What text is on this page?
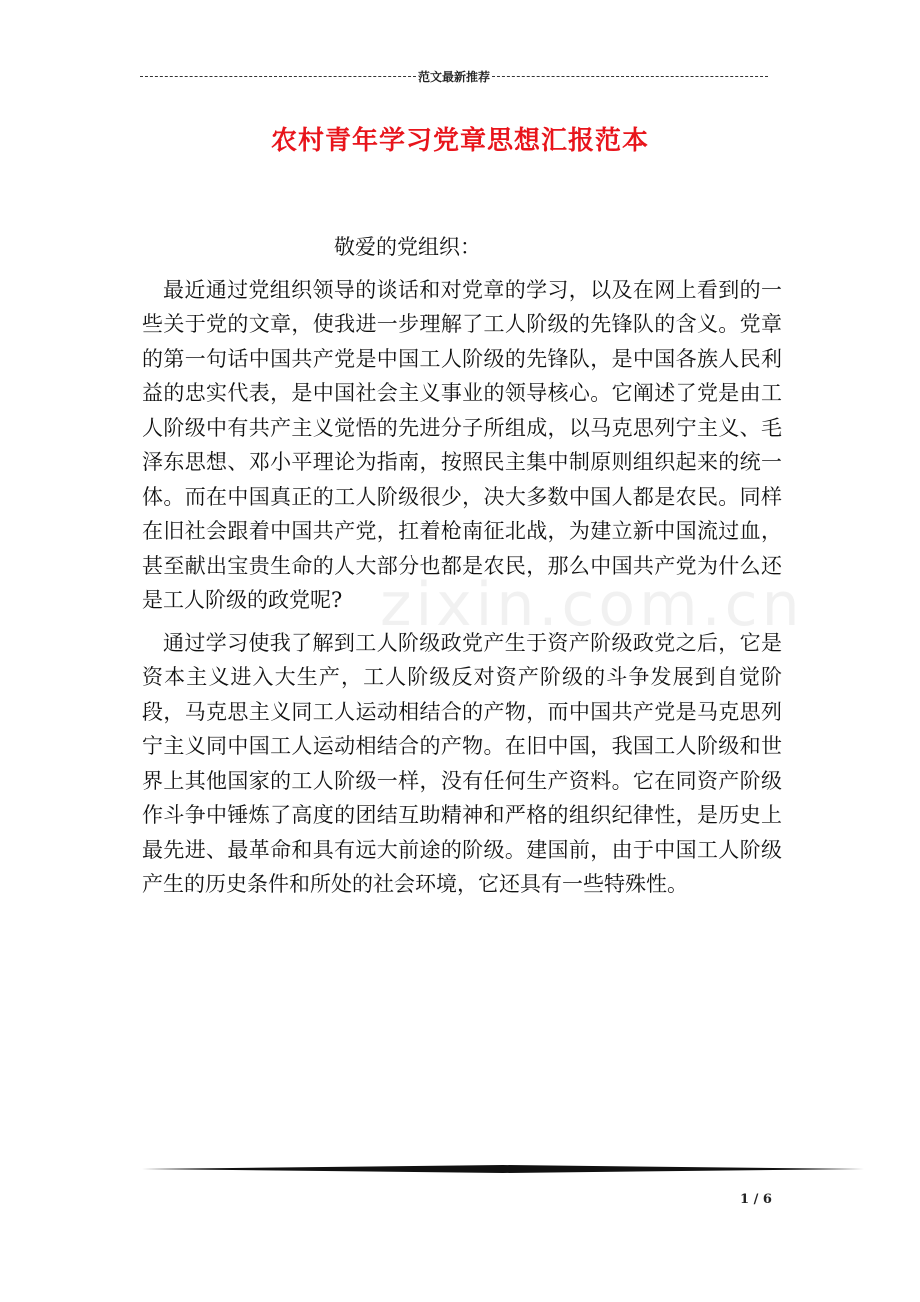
范文最新推荐
农村青年学习党章思想汇报范本
zixin.com.cn

敬爱的党组织：

最近通过党组织领导的谈话和对党章的学习，以及在网上看到的一些关于党的文章，使我进一步理解了工人阶级的先锋队的含义。党章的第一句话中国共产党是中国工人阶级的先锋队，是中国各族人民利益的忠实代表，是中国社会主义事业的领导核心。它阐述了党是由工人阶级中有共产主义觉悟的先进分子所组成，以马克思列宁主义、毛泽东思想、邓小平理论为指南，按照民主集中制原则组织起来的统一体。而在中国真正的工人阶级很少，决大多数中国人都是农民。同样在旧社会跟着中国共产党，扛着枪南征北战，为建立新中国流过血，甚至献出宝贵生命的人大部分也都是农民，那么中国共产党为什么还是工人阶级的政党呢?

通过学习使我了解到工人阶级政党产生于资产阶级政党之后，它是资本主义进入大生产，工人阶级反对资产阶级的斗争发展到自觉阶段，马克思主义同工人运动相结合的产物，而中国共产党是马克思列宁主义同中国工人运动相结合的产物。在旧中国，我国工人阶级和世界上其他国家的工人阶级一样，没有任何生产资料。它在同资产阶级作斗争中锤炼了高度的团结互助精神和严格的组织纪律性，是历史上最先进、最革命和具有远大前途的阶级。建国前，由于中国工人阶级产生的历史条件和所处的社会环境，它还具有一些特殊性。

1 / 6
